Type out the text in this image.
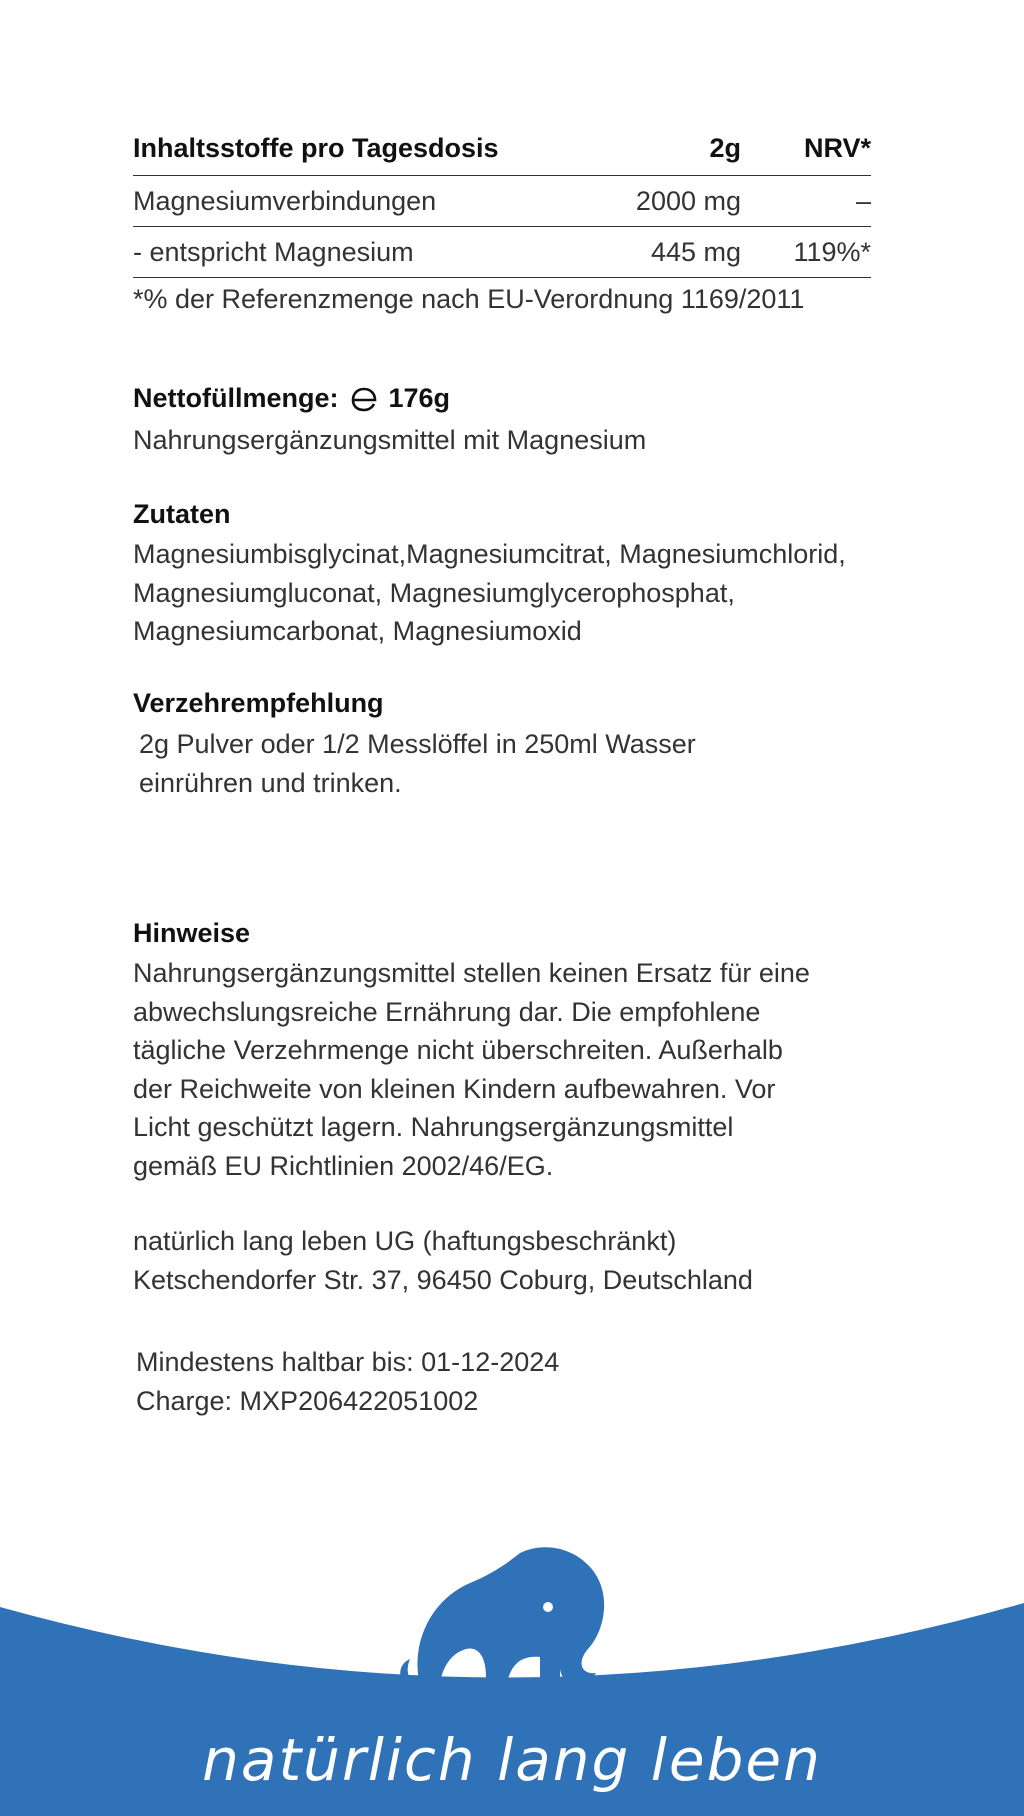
Inhaltsstoffe pro Tagesdosis	2g	NRV*
Magnesiumverbindungen	2000 mg	–
- entspricht Magnesium	445 mg	119%*
*% der Referenzmenge nach EU-Verordnung 1169/2011
Nettofüllmenge: 176g
Nahrungsergänzungsmittel mit Magnesium
Zutaten
Magnesiumbisglycinat,Magnesiumcitrat, Magnesiumchlorid,
Magnesiumgluconat, Magnesiumglycerophosphat,
Magnesiumcarbonat, Magnesiumoxid
Verzehrempfehlung
2g Pulver oder 1/2 Messlöffel in 250ml Wasser
einrühren und trinken.
Hinweise
Nahrungsergänzungsmittel stellen keinen Ersatz für eine
abwechslungsreiche Ernährung dar. Die empfohlene
tägliche Verzehrmenge nicht überschreiten. Außerhalb
der Reichweite von kleinen Kindern aufbewahren. Vor
Licht geschützt lagern. Nahrungsergänzungsmittel
gemäß EU Richtlinien 2002/46/EG.
natürlich lang leben UG (haftungsbeschränkt)
Ketschendorfer Str. 37, 96450 Coburg, Deutschland
Mindestens haltbar bis: 01-12-2024
Charge: MXP206422051002
natürlich lang leben
